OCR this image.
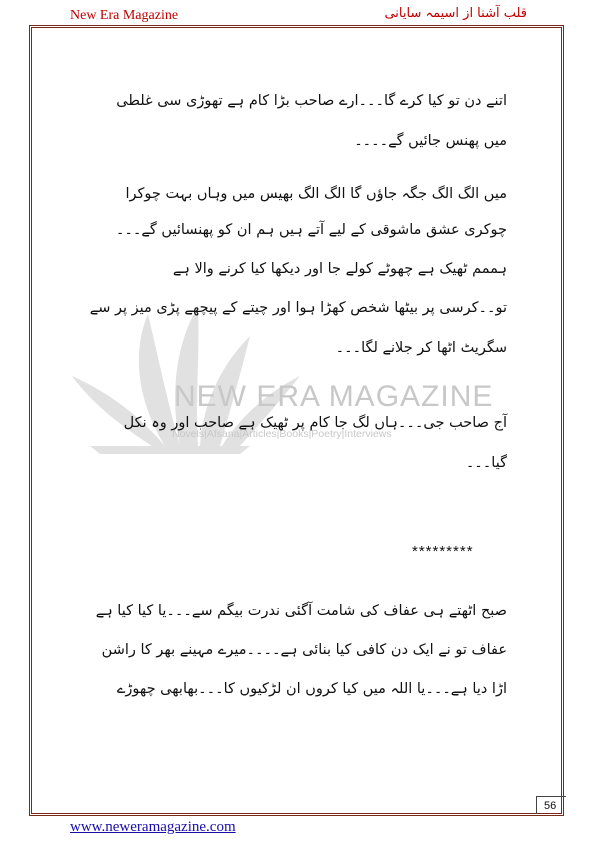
New Era Magazine	قلب آشنا از اسیمہ سایانی
NEW ERA MAGAZINE
Novels|Afsana|Articles|Books|Poetry|Interviews
اتنے دن تو کیا کرے گا۔۔۔ارے صاحب بڑا کام ہے تھوڑی سی غلطی
میں پھنس جائیں گے۔۔۔۔
میں الگ الگ جگہ جاؤں گا الگ الگ بھیس میں وہاں بہت چوکرا
چوکری عشق ماشوقی کے لیے آتے ہیں ہم ان کو پھنسائیں گے۔۔۔
ہممم ٹھیک ہے چھوٹے کولے جا اور دیکھا کیا کرنے والا ہے
تو۔۔کرسی پر بیٹھا شخص کھڑا ہوا اور چیتے کے پیچھے پڑی میز پر سے
سگریٹ اٹھا کر جلانے لگا۔۔۔
آج صاحب جی۔۔۔ہاں لگ جا کام پر ٹھیک ہے صاحب اور وہ نکل
گیا۔۔۔
*********
صبح اٹھتے ہی عفاف کی شامت آگئی ندرت بیگم سے۔۔۔یا کیا کیا ہے
عفاف تو نے ایک دن کافی کیا بنائی ہے۔۔۔۔میرے مہینے بھر کا راشن
اڑا دیا ہے۔۔۔یا اللہ میں کیا کروں ان لڑکیوں کا۔۔۔بھابھی چھوڑے
56
www.neweramagazine.com
